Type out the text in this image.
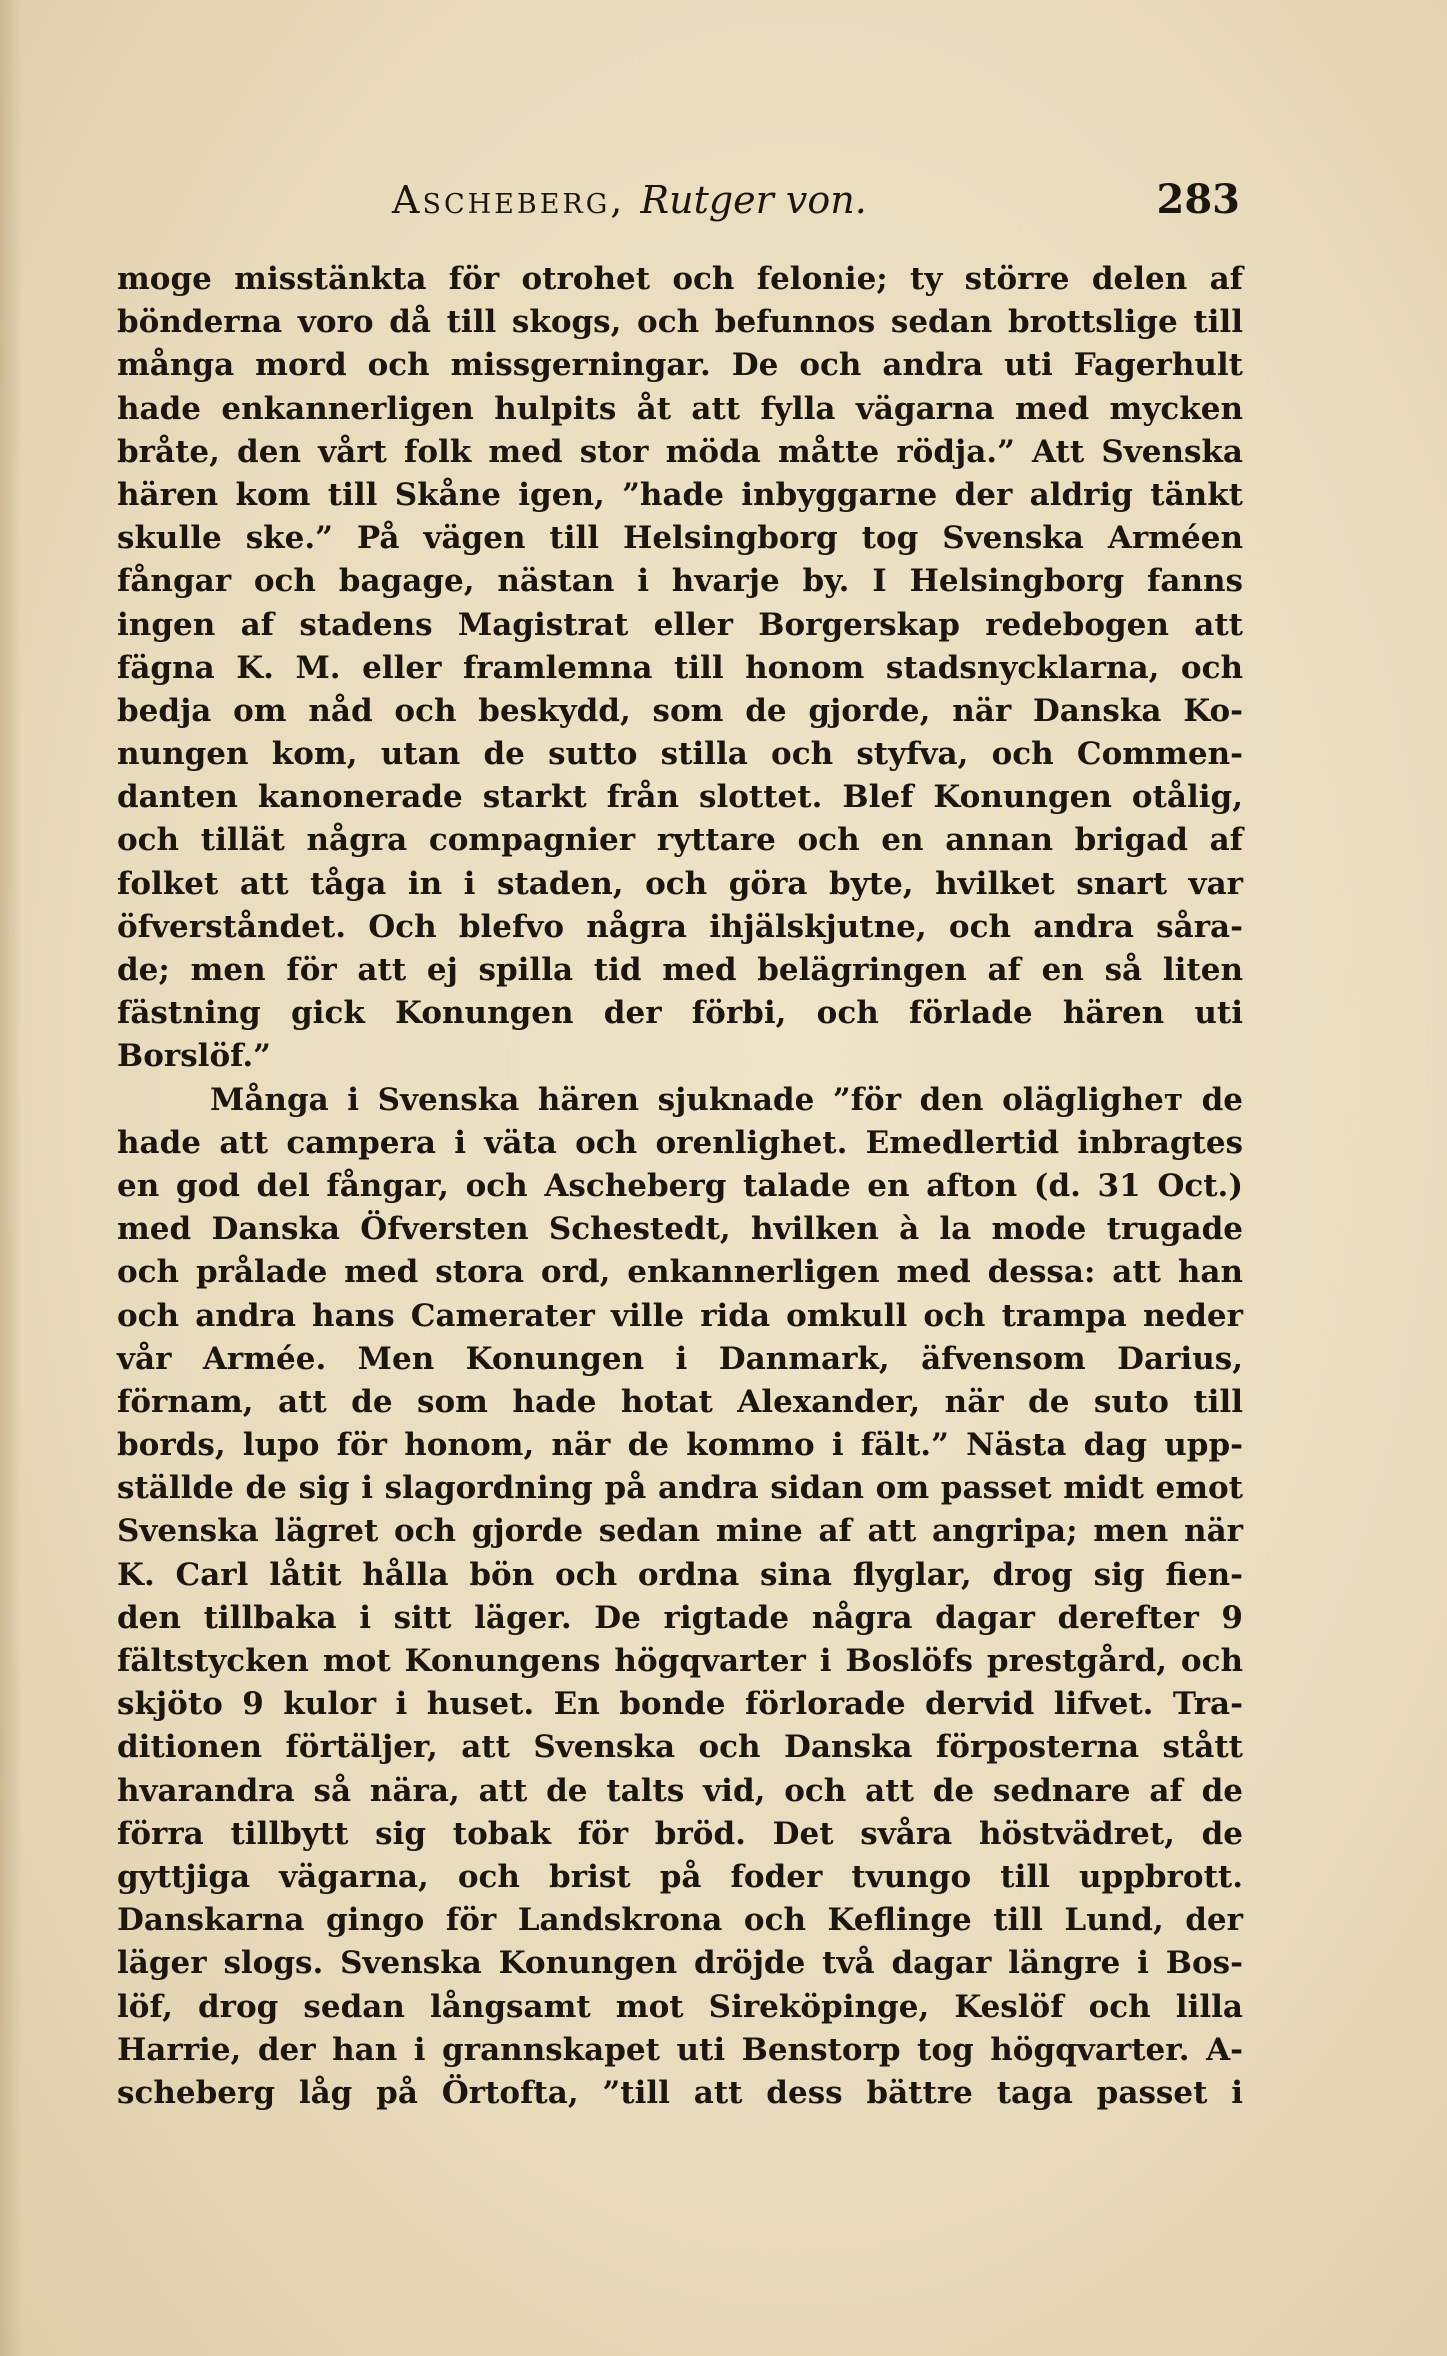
Ascheberg, Rutger von.	283
moge misstänkta för otrohet och felonie; ty större delen af
bönderna voro då till skogs, och befunnos sedan brottslige till
många mord och missgerningar. De och andra uti Fagerhult
hade enkannerligen hulpits åt att fylla vägarna med mycken
bråte, den vårt folk med stor möda måtte rödja.” Att Svenska
hären kom till Skåne igen, ”hade inbyggarne der aldrig tänkt
skulle ske.” På vägen till Helsingborg tog Svenska Arméen
fångar och bagage, nästan i hvarje by. I Helsingborg fanns
ingen af stadens Magistrat eller Borgerskap redebogen att
fägna K. M. eller framlemna till honom stadsnycklarna, och
bedja om nåd och beskydd, som de gjorde, när Danska Ko-
nungen kom, utan de sutto stilla och styfva, och Commen-
danten kanonerade starkt från slottet. Blef Konungen otålig,
och tillät några compagnier ryttare och en annan brigad af
folket att tåga in i staden, och göra byte, hvilket snart var
öfverståndet. Och blefvo några ihjälskjutne, och andra såra-
de; men för att ej spilla tid med belägringen af en så liten
fästning gick Konungen der förbi, och förlade hären uti
Borslöf.”
Många i Svenska hären sjuknade ”för den olägligheт de
hade att campera i väta och orenlighet. Emedlertid inbragtes
en god del fångar, och Ascheberg talade en afton (d. 31 Oct.)
med Danska Öfversten Schestedt, hvilken à la mode trugade
och prålade med stora ord, enkannerligen med dessa: att han
och andra hans Camerater ville rida omkull och trampa neder
vår Armée. Men Konungen i Danmark, äfvensom Darius,
förnam, att de som hade hotat Alexander, när de suto till
bords, lupo för honom, när de kommo i fält.” Nästa dag upp-
ställde de sig i slagordning på andra sidan om passet midt emot
Svenska lägret och gjorde sedan mine af att angripa; men när
K. Carl låtit hålla bön och ordna sina flyglar, drog sig fien-
den tillbaka i sitt läger. De rigtade några dagar derefter 9
fältstycken mot Konungens högqvarter i Boslöfs prestgård, och
skjöto 9 kulor i huset. En bonde förlorade dervid lifvet. Tra-
ditionen förtäljer, att Svenska och Danska förposterna stått
hvarandra så nära, att de talts vid, och att de sednare af de
förra tillbytt sig tobak för bröd. Det svåra höstvädret, de
gyttjiga vägarna, och brist på foder tvungo till uppbrott.
Danskarna gingo för Landskrona och Keflinge till Lund, der
läger slogs. Svenska Konungen dröjde två dagar längre i Bos-
löf, drog sedan långsamt mot Sireköpinge, Keslöf och lilla
Harrie, der han i grannskapet uti Benstorp tog högqvarter. A-
scheberg låg på Örtofta, ”till att dess bättre taga passet i
